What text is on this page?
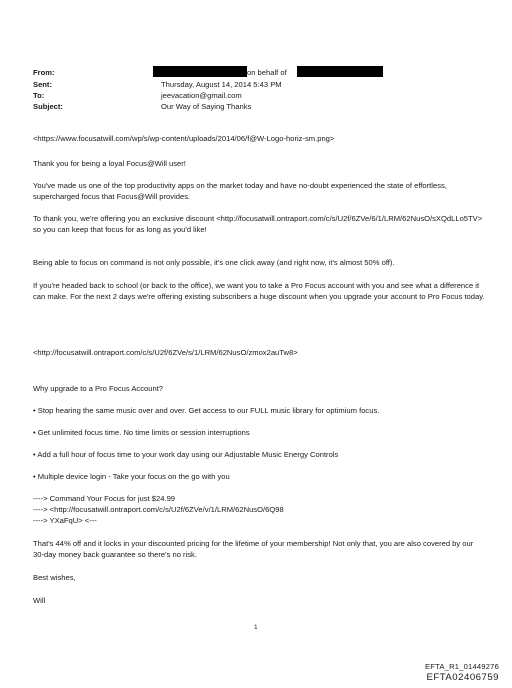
From:	on behalf of
Sent:	Thursday, August 14, 2014 5:43 PM
To:	jeevacation@gmail.com
Subject:	Our Way of Saying Thanks

<https://www.focusatwill.com/wp/s/wp-content/uploads/2014/06/f@W-Logo-horiz-sm.png>

Thank you for being a loyal Focus@Will user!

You've made us one of the top productivity apps on the market today and have no-doubt experienced the state of effortless, supercharged focus that Focus@Will provides.

To thank you, we're offering you an exclusive discount <http://focusatwill.ontraport.com/c/s/U2f/6ZVe/6/1/LRM/62NusO/sXQdLLo5TV> so you can keep that focus for as long as you'd like!

Being able to focus on command is not only possible, it's one click away (and right now, it's almost 50% off).

If you're headed back to school (or back to the office), we want you to take a Pro Focus account with you and see what a difference it can make. For the next 2 days we're offering existing subscribers a huge discount when you upgrade your account to Pro Focus today.

<http://focusatwill.ontraport.com/c/s/U2f/6ZVe/s/1/LRM/62NusO/zmox2auTw8>

Why upgrade to a Pro Focus Account?

• Stop hearing the same music over and over. Get access to our FULL music library for optimium focus.

• Get unlimited focus time. No time limits or session interruptions

• Add a full hour of focus time to your work day using our Adjustable Music Energy Controls

• Multiple device login - Take your focus on the go with you

----> Command Your Focus for just $24.99

----> <http://focusatwill.ontraport.com/c/s/U2f/6ZVe/v/1/LRM/62NusO/6Q98

----> YXaFqU> <---

That's 44% off and it locks in your discounted pricing for the lifetime of your membership! Not only that, you are also covered by our 30-day money back guarantee so there's no risk.

Best wishes,

Will

1
EFTA_R1_01449276
EFTA02406759
